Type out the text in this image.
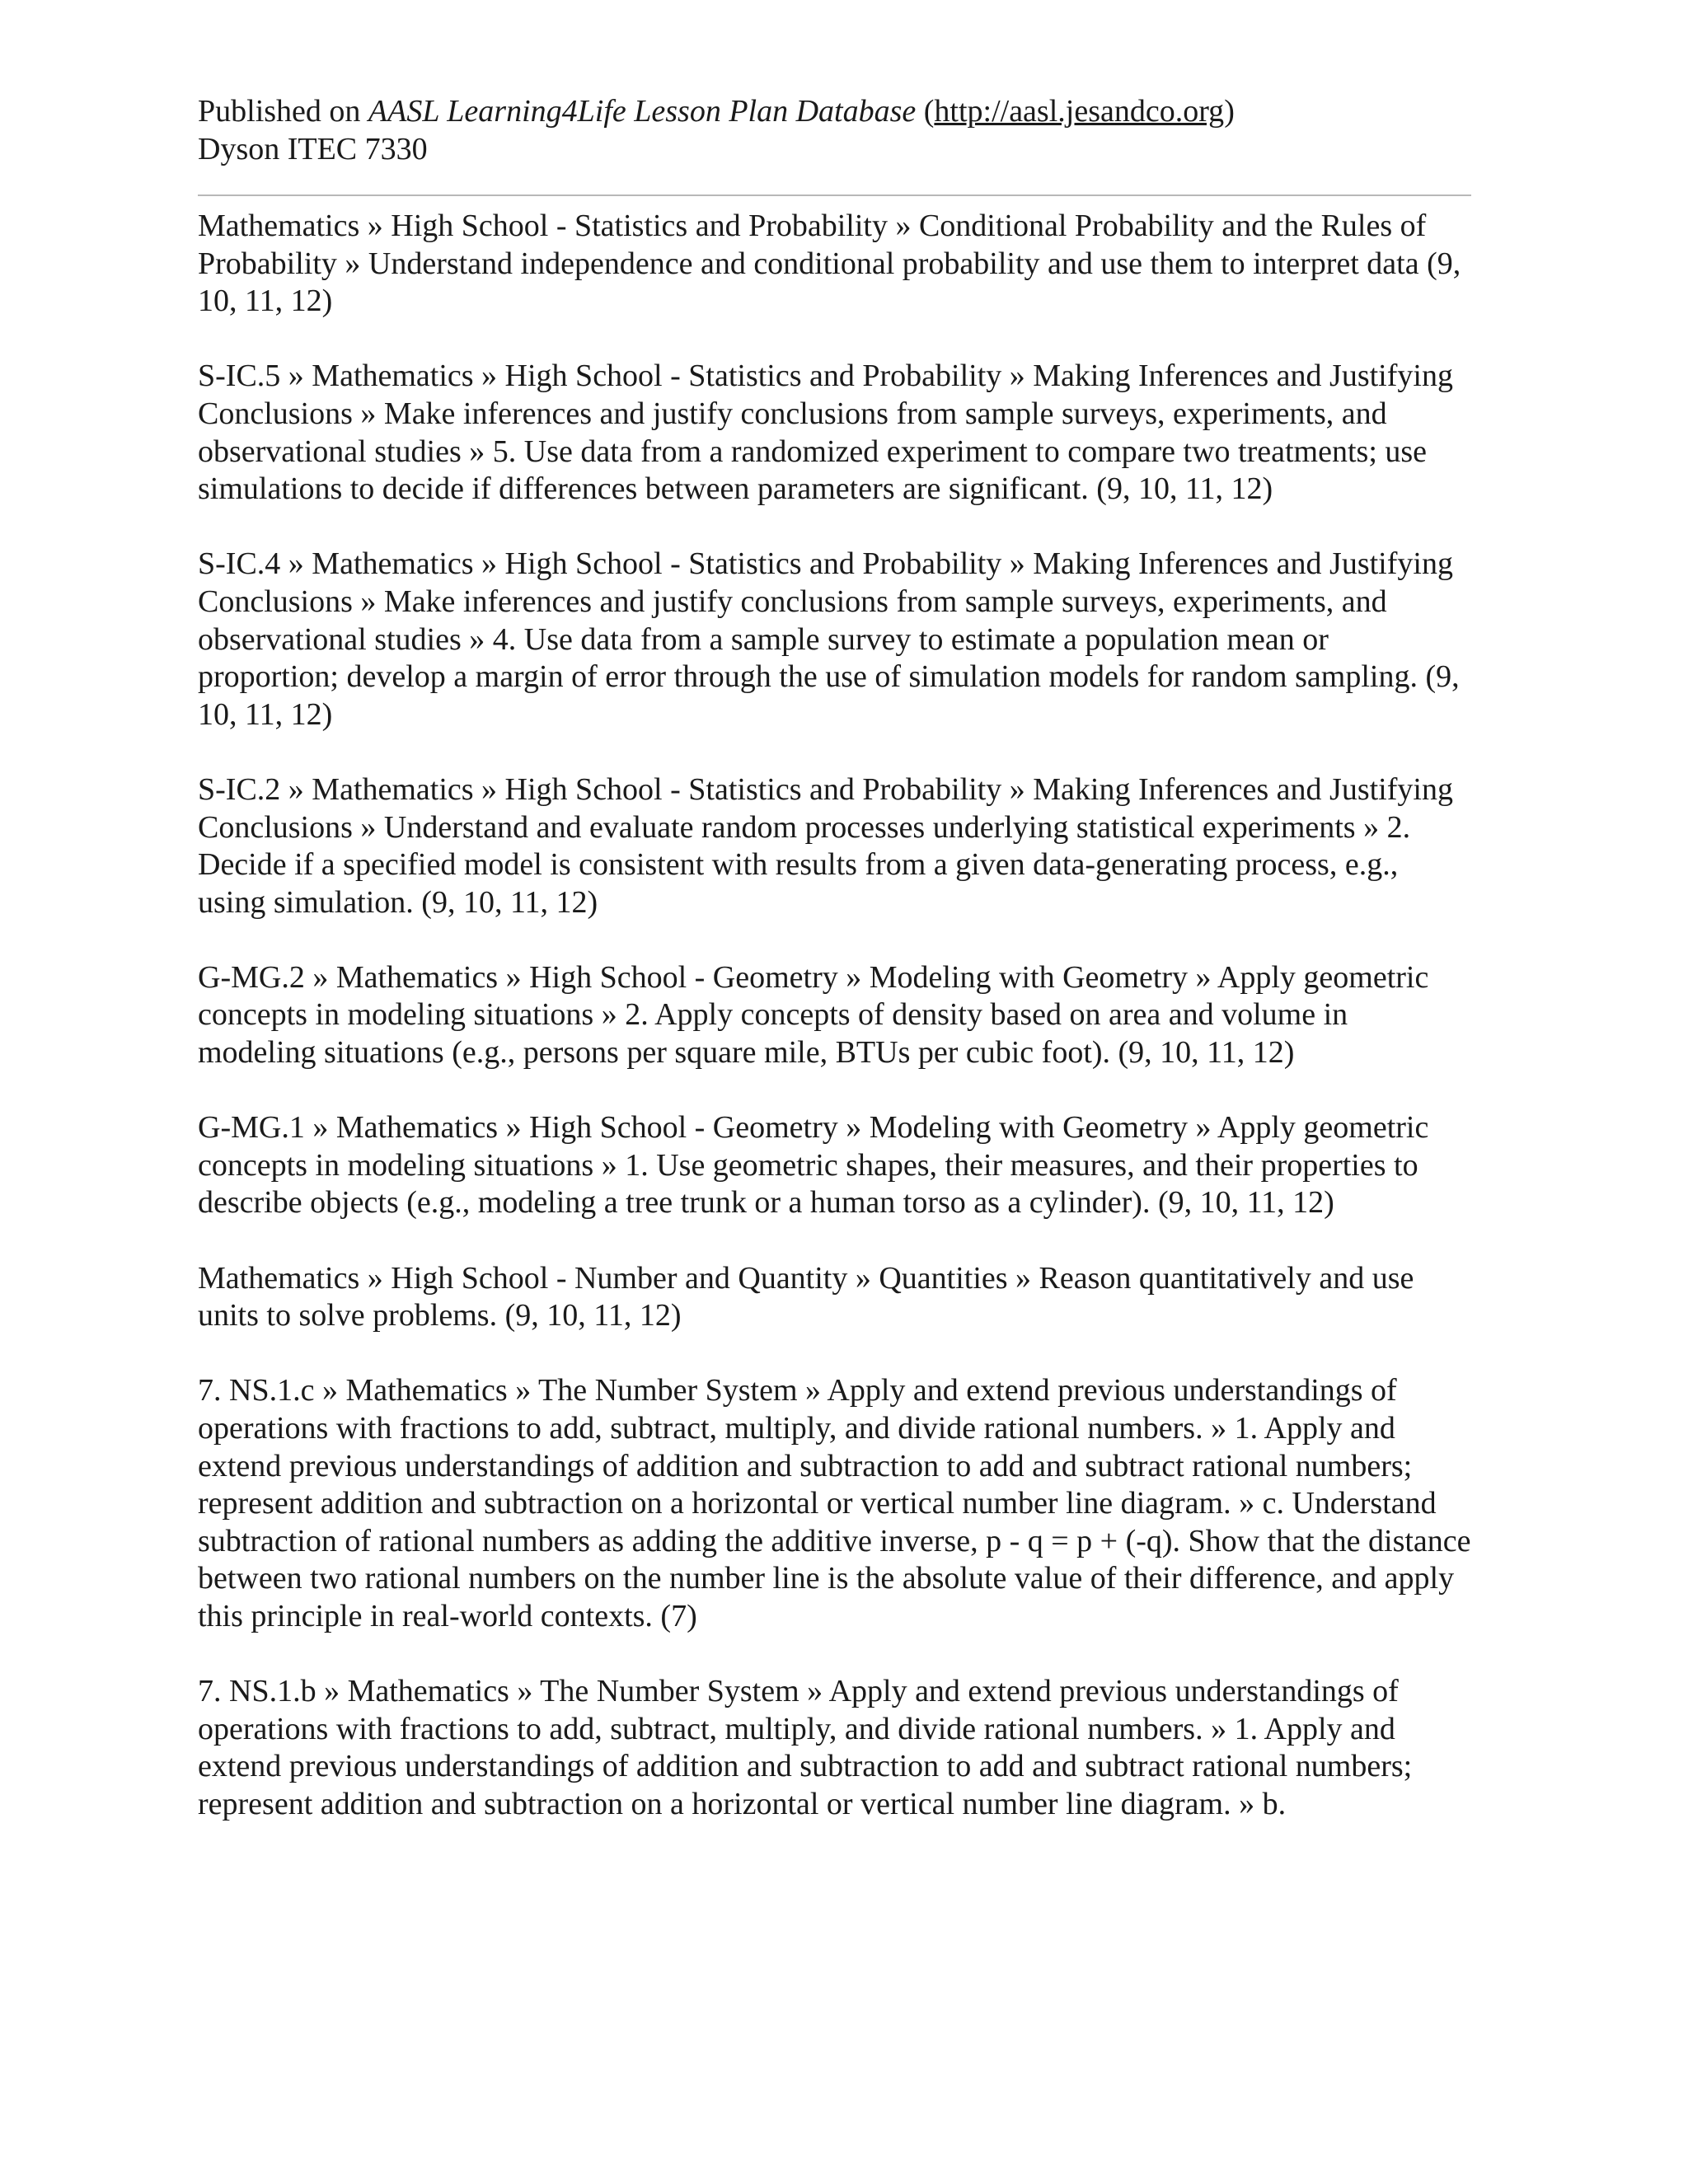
Published on AASL Learning4Life Lesson Plan Database (http://aasl.jesandco.org)
Dyson ITEC 7330

Mathematics » High School - Statistics and Probability » Conditional Probability and the Rules of Probability » Understand independence and conditional probability and use them to interpret data (9, 10, 11, 12)

S-IC.5 » Mathematics » High School - Statistics and Probability » Making Inferences and Justifying Conclusions » Make inferences and justify conclusions from sample surveys, experiments, and observational studies » 5. Use data from a randomized experiment to compare two treatments; use simulations to decide if differences between parameters are significant. (9, 10, 11, 12)

S-IC.4 » Mathematics » High School - Statistics and Probability » Making Inferences and Justifying Conclusions » Make inferences and justify conclusions from sample surveys, experiments, and observational studies » 4. Use data from a sample survey to estimate a population mean or proportion; develop a margin of error through the use of simulation models for random sampling. (9, 10, 11, 12)

S-IC.2 » Mathematics » High School - Statistics and Probability » Making Inferences and Justifying Conclusions » Understand and evaluate random processes underlying statistical experiments » 2. Decide if a specified model is consistent with results from a given data-generating process, e.g., using simulation. (9, 10, 11, 12)

G-MG.2 » Mathematics » High School - Geometry » Modeling with Geometry » Apply geometric concepts in modeling situations » 2. Apply concepts of density based on area and volume in modeling situations (e.g., persons per square mile, BTUs per cubic foot). (9, 10, 11, 12)

G-MG.1 » Mathematics » High School - Geometry » Modeling with Geometry » Apply geometric concepts in modeling situations » 1. Use geometric shapes, their measures, and their properties to describe objects (e.g., modeling a tree trunk or a human torso as a cylinder). (9, 10, 11, 12)

Mathematics » High School - Number and Quantity » Quantities » Reason quantitatively and use units to solve problems. (9, 10, 11, 12)

7. NS.1.c » Mathematics » The Number System » Apply and extend previous understandings of operations with fractions to add, subtract, multiply, and divide rational numbers. » 1. Apply and extend previous understandings of addition and subtraction to add and subtract rational numbers; represent addition and subtraction on a horizontal or vertical number line diagram. » c. Understand subtraction of rational numbers as adding the additive inverse, p - q = p + (-q). Show that the distance between two rational numbers on the number line is the absolute value of their difference, and apply this principle in real-world contexts. (7)

7. NS.1.b » Mathematics » The Number System » Apply and extend previous understandings of operations with fractions to add, subtract, multiply, and divide rational numbers. » 1. Apply and extend previous understandings of addition and subtraction to add and subtract rational numbers; represent addition and subtraction on a horizontal or vertical number line diagram. » b.
